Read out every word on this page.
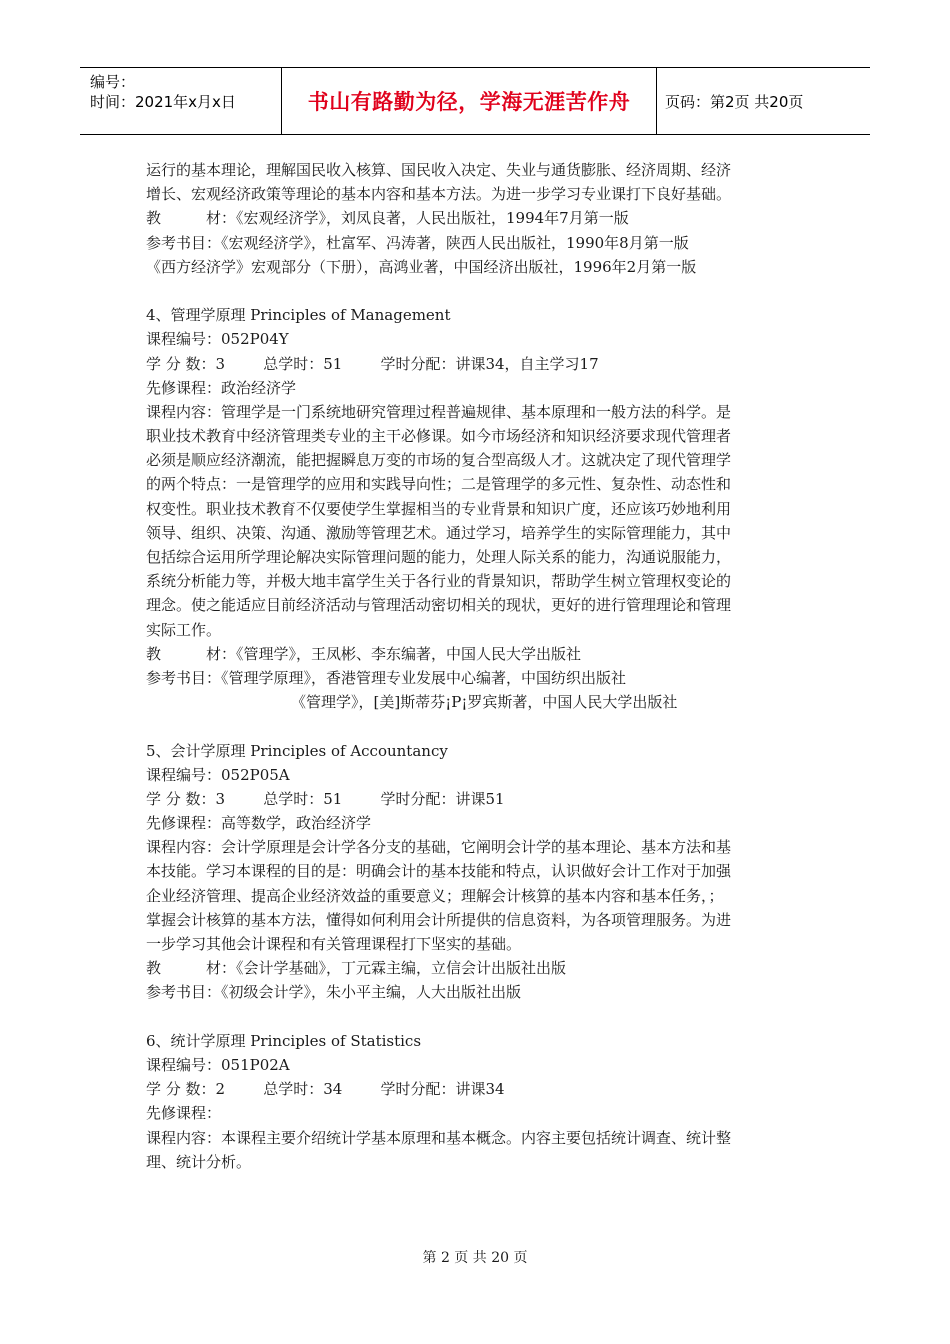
编号：
时间：2021年x月x日	书山有路勤为径，学海无涯苦作舟	页码：第2页 共20页
运行的基本理论，理解国民收入核算、国民收入决定、失业与通货膨胀、经济周期、经济
增长、宏观经济政策等理论的基本内容和基本方法。为进一步学习专业课打下良好基础。
教　　　材：《宏观经济学》，刘凤良著，人民出版社，1994年7月第一版
参考书目：《宏观经济学》，杜富军、冯涛著，陕西人民出版社，1990年8月第一版
《西方经济学》宏观部分（下册），高鸿业著，中国经济出版社，1996年2月第一版
4、管理学原理 Principles of Management
课程编号：052P04Y
学 分 数：3        总学时：51        学时分配：讲课34，自主学习17
先修课程：政治经济学
课程内容：管理学是一门系统地研究管理过程普遍规律、基本原理和一般方法的科学。是
职业技术教育中经济管理类专业的主干必修课。如今市场经济和知识经济要求现代管理者
必须是顺应经济潮流，能把握瞬息万变的市场的复合型高级人才。这就决定了现代管理学
的两个特点：一是管理学的应用和实践导向性；二是管理学的多元性、复杂性、动态性和
权变性。职业技术教育不仅要使学生掌握相当的专业背景和知识广度，还应该巧妙地利用
领导、组织、决策、沟通、激励等管理艺术。通过学习，培养学生的实际管理能力，其中
包括综合运用所学理论解决实际管理问题的能力，处理人际关系的能力，沟通说服能力，
系统分析能力等，并极大地丰富学生关于各行业的背景知识，帮助学生树立管理权变论的
理念。使之能适应目前经济活动与管理活动密切相关的现状，更好的进行管理理论和管理
实际工作。
教　　　材：《管理学》，王凤彬、李东编著，中国人民大学出版社
参考书目：《管理学原理》，香港管理专业发展中心编著，中国纺织出版社
《管理学》，[美]斯蒂芬¡P¡罗宾斯著，中国人民大学出版社
5、会计学原理 Principles of Accountancy
课程编号：052P05A
学 分 数：3        总学时：51        学时分配：讲课51
先修课程：高等数学，政治经济学
课程内容：会计学原理是会计学各分支的基础，它阐明会计学的基本理论、基本方法和基
本技能。学习本课程的目的是：明确会计的基本技能和特点，认识做好会计工作对于加强
企业经济管理、提高企业经济效益的重要意义；理解会计核算的基本内容和基本任务，；
掌握会计核算的基本方法，懂得如何利用会计所提供的信息资料，为各项管理服务。为进
一步学习其他会计课程和有关管理课程打下坚实的基础。
教　　　材：《会计学基础》，丁元霖主编，立信会计出版社出版
参考书目：《初级会计学》，朱小平主编，人大出版社出版
6、统计学原理 Principles of Statistics
课程编号：051P02A
学 分 数：2        总学时：34        学时分配：讲课34
先修课程：
课程内容：本课程主要介绍统计学基本原理和基本概念。内容主要包括统计调查、统计整
理、统计分析。
第 2 页 共 20 页
